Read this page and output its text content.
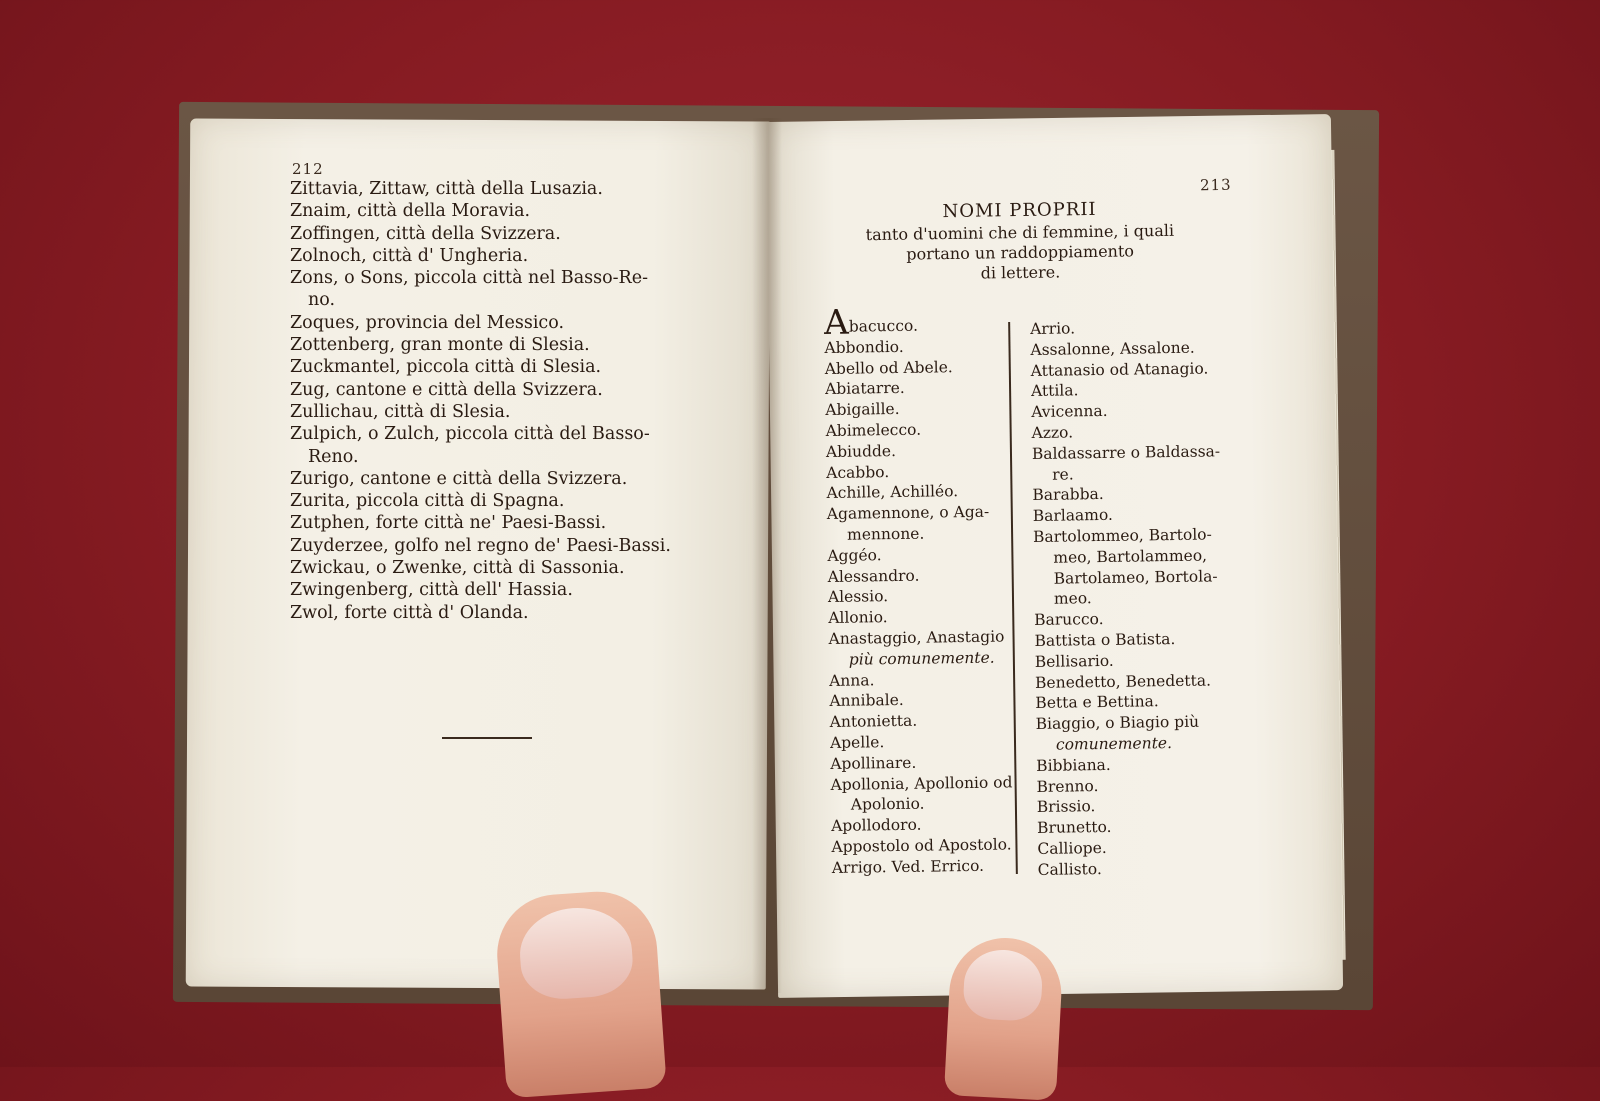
212
Zittavia, Zittaw, città della Lusazia.
Znaim, città della Moravia.
Zoffingen, città della Svizzera.
Zolnoch, città d' Ungheria.
Zons, o Sons, piccola città nel Basso-Re-
no.
Zoques, provincia del Messico.
Zottenberg, gran monte di Slesia.
Zuckmantel, piccola città di Slesia.
Zug, cantone e città della Svizzera.
Zullichau, città di Slesia.
Zulpich, o Zulch, piccola città del Basso-
Reno.
Zurigo, cantone e città della Svizzera.
Zurita, piccola città di Spagna.
Zutphen, forte città ne' Paesi-Bassi.
Zuyderzee, golfo nel regno de' Paesi-Bassi.
Zwickau, o Zwenke, città di Sassonia.
Zwingenberg, città dell' Hassia.
Zwol, forte città d' Olanda.
213
NOMI PROPRII
tanto d'uomini che di femmine, i quali
portano un raddoppiamento
di lettere.
Abacucco.
Abbondio.
Abello od Abele.
Abiatarre.
Abigaille.
Abimelecco.
Abiudde.
Acabbo.
Achille, Achilléo.
Agamennone, o Aga-
mennone.
Aggéo.
Alessandro.
Alessio.
Allonio.
Anastaggio, Anastagio
più comunemente.
Anna.
Annibale.
Antonietta.
Apelle.
Apollinare.
Apollonia, Apollonio od
Apolonio.
Apollodoro.
Appostolo od Apostolo.
Arrigo. Ved. Errico.
Arrio.
Assalonne, Assalone.
Attanasio od Atanagio.
Attila.
Avicenna.
Azzo.
Baldassarre o Baldassa-
re.
Barabba.
Barlaamo.
Bartolommeo, Bartolo-
meo, Bartolammeo,
Bartolameo, Bortola-
meo.
Barucco.
Battista o Batista.
Bellisario.
Benedetto, Benedetta.
Betta e Bettina.
Biaggio, o Biagio più
comunemente.
Bibbiana.
Brenno.
Brissio.
Brunetto.
Calliope.
Callisto.
